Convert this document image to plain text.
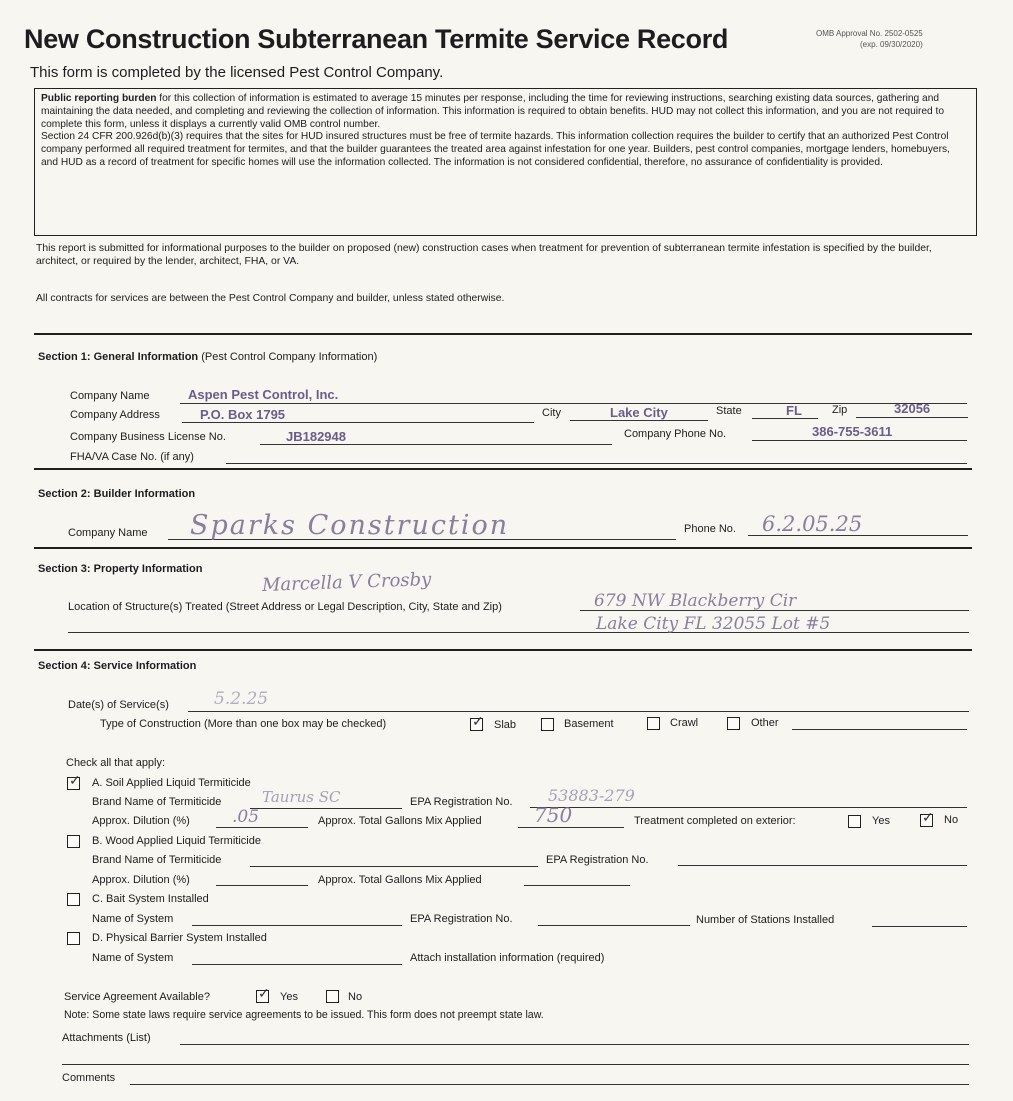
New Construction Subterranean Termite Service Record
This form is completed by the licensed Pest Control Company.
OMB Approval No. 2502-0525
(exp. 09/30/2020)
Public reporting burden for this collection of information is estimated to average 15 minutes per response, including the time for reviewing instructions, searching existing data sources, gathering and maintaining the data needed, and completing and reviewing the collection of information. This information is required to obtain benefits. HUD may not collect this information, and you are not required to complete this form, unless it displays a currently valid OMB control number.
Section 24 CFR 200.926d(b)(3) requires that the sites for HUD insured structures must be free of termite hazards. This information collection requires the builder to certify that an authorized Pest Control company performed all required treatment for termites, and that the builder guarantees the treated area against infestation for one year. Builders, pest control companies, mortgage lenders, homebuyers, and HUD as a record of treatment for specific homes will use the information collected. The information is not considered confidential, therefore, no assurance of confidentiality is provided.
This report is submitted for informational purposes to the builder on proposed (new) construction cases when treatment for prevention of subterranean termite infestation is specified by the builder, architect, or required by the lender, architect, FHA, or VA.
All contracts for services are between the Pest Control Company and builder, unless stated otherwise.
Section 1: General Information (Pest Control Company Information)
Company Name	Aspen Pest Control, Inc.
Company Address	P.O. Box 1795	City	Lake City	State	FL	Zip	32056
Company Business License No.	JB182948	Company Phone No.	386-755-3611
FHA/VA Case No. (if any)
Section 2: Builder Information
Company Name Sparks Construction	Phone No. 6.2.05.25
Section 3: Property Information
Marcella V Crosby
Location of Structure(s) Treated (Street Address or Legal Description, City, State and Zip)	679 NW Blackberry Cir
Lake City FL 32055 Lot #5
Section 4: Service Information
Date(s) of Service(s)	5.2.25
Type of Construction (More than one box may be checked) ✓	Slab	Basement	Crawl	Other
Check all that apply:
✓
A. Soil Applied Liquid Termiticide
Brand Name of Termiticide	Taurus SC	EPA Registration No. 53883-279
Approx. Dilution (%) .05	Approx. Total Gallons Mix Applied	750	Treatment completed on exterior:	Yes ✓	No
B. Wood Applied Liquid Termiticide
Brand Name of Termiticide	EPA Registration No.
Approx. Dilution (%)	Approx. Total Gallons Mix Applied
C. Bait System Installed
Name of System	EPA Registration No.	Number of Stations Installed
D. Physical Barrier System Installed
Name of System	Attach installation information (required)
Service Agreement Available? ✓	Yes	No
Note: Some state laws require service agreements to be issued. This form does not preempt state law.
Attachments (List)
Comments
